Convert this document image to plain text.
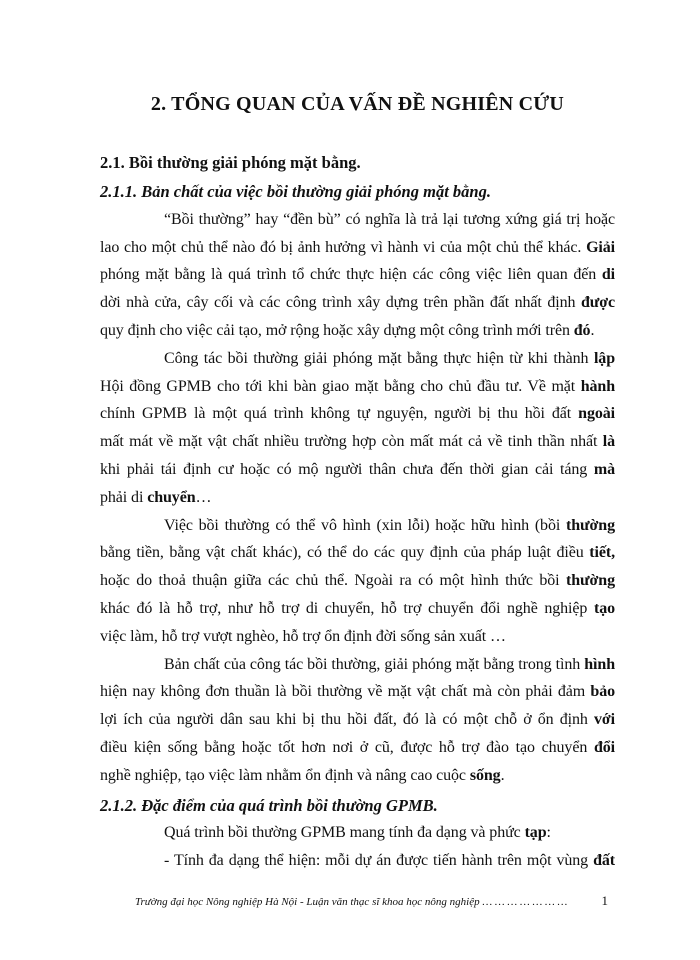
2. TỔNG QUAN CỦA VẤN ĐỀ NGHIÊN CỨU
2.1. Bồi thường giải phóng mặt bằng.
2.1.1. Bản chất của việc bồi thường giải phóng mặt bằng.
“Bồi thường” hay “đền bù” có nghĩa là trả lại tương xứng giá trị hoặc
lao cho một chủ thể nào đó bị ảnh hưởng vì hành vi của một chủ thể khác. Giải
phóng mặt bằng là quá trình tổ chức thực hiện các công việc liên quan đến di
dời nhà cửa, cây cối và các công trình xây dựng trên phần đất nhất định được
quy định cho việc cải tạo, mở rộng hoặc xây dựng một công trình mới trên đó.
Công tác bồi thường giải phóng mặt bằng thực hiện từ khi thành lập
Hội đồng GPMB cho tới khi bàn giao mặt bằng cho chủ đầu tư. Về mặt hành
chính GPMB là một quá trình không tự nguyện, người bị thu hồi đất ngoài
mất mát về mặt vật chất nhiều trường hợp còn mất mát cả về tinh thần nhất là
khi phải tái định cư hoặc có mộ người thân chưa đến thời gian cải táng mà
phải di chuyển…
Việc bồi thường có thể vô hình (xin lỗi) hoặc hữu hình (bồi thường
bằng tiền, bằng vật chất khác), có thể do các quy định của pháp luật điều tiết,
hoặc do thoả thuận giữa các chủ thể. Ngoài ra có một hình thức bồi thường
khác đó là hỗ trợ, như hỗ trợ di chuyển, hỗ trợ chuyển đổi nghề nghiệp tạo
việc làm, hỗ trợ vượt nghèo, hỗ trợ ổn định đời sống sản xuất …
Bản chất của công tác bồi thường, giải phóng mặt bằng trong tình hình
hiện nay không đơn thuần là bồi thường về mặt vật chất mà còn phải đảm bảo
lợi ích của người dân sau khi bị thu hồi đất, đó là có một chỗ ở ổn định với
điều kiện sống bằng hoặc tốt hơn nơi ở cũ, được hỗ trợ đào tạo chuyển đổi
nghề nghiệp, tạo việc làm nhằm ổn định và nâng cao cuộc sống.
2.1.2. Đặc điểm của quá trình bồi thường GPMB.
Quá trình bồi thường GPMB mang tính đa dạng và phức tạp:
- Tính đa dạng thể hiện: mỗi dự án được tiến hành trên một vùng đất
Trường đại học Nông nghiệp Hà Nội - Luận văn thạc sĩ khoa học nông nghiệp … … … … … … …	1
